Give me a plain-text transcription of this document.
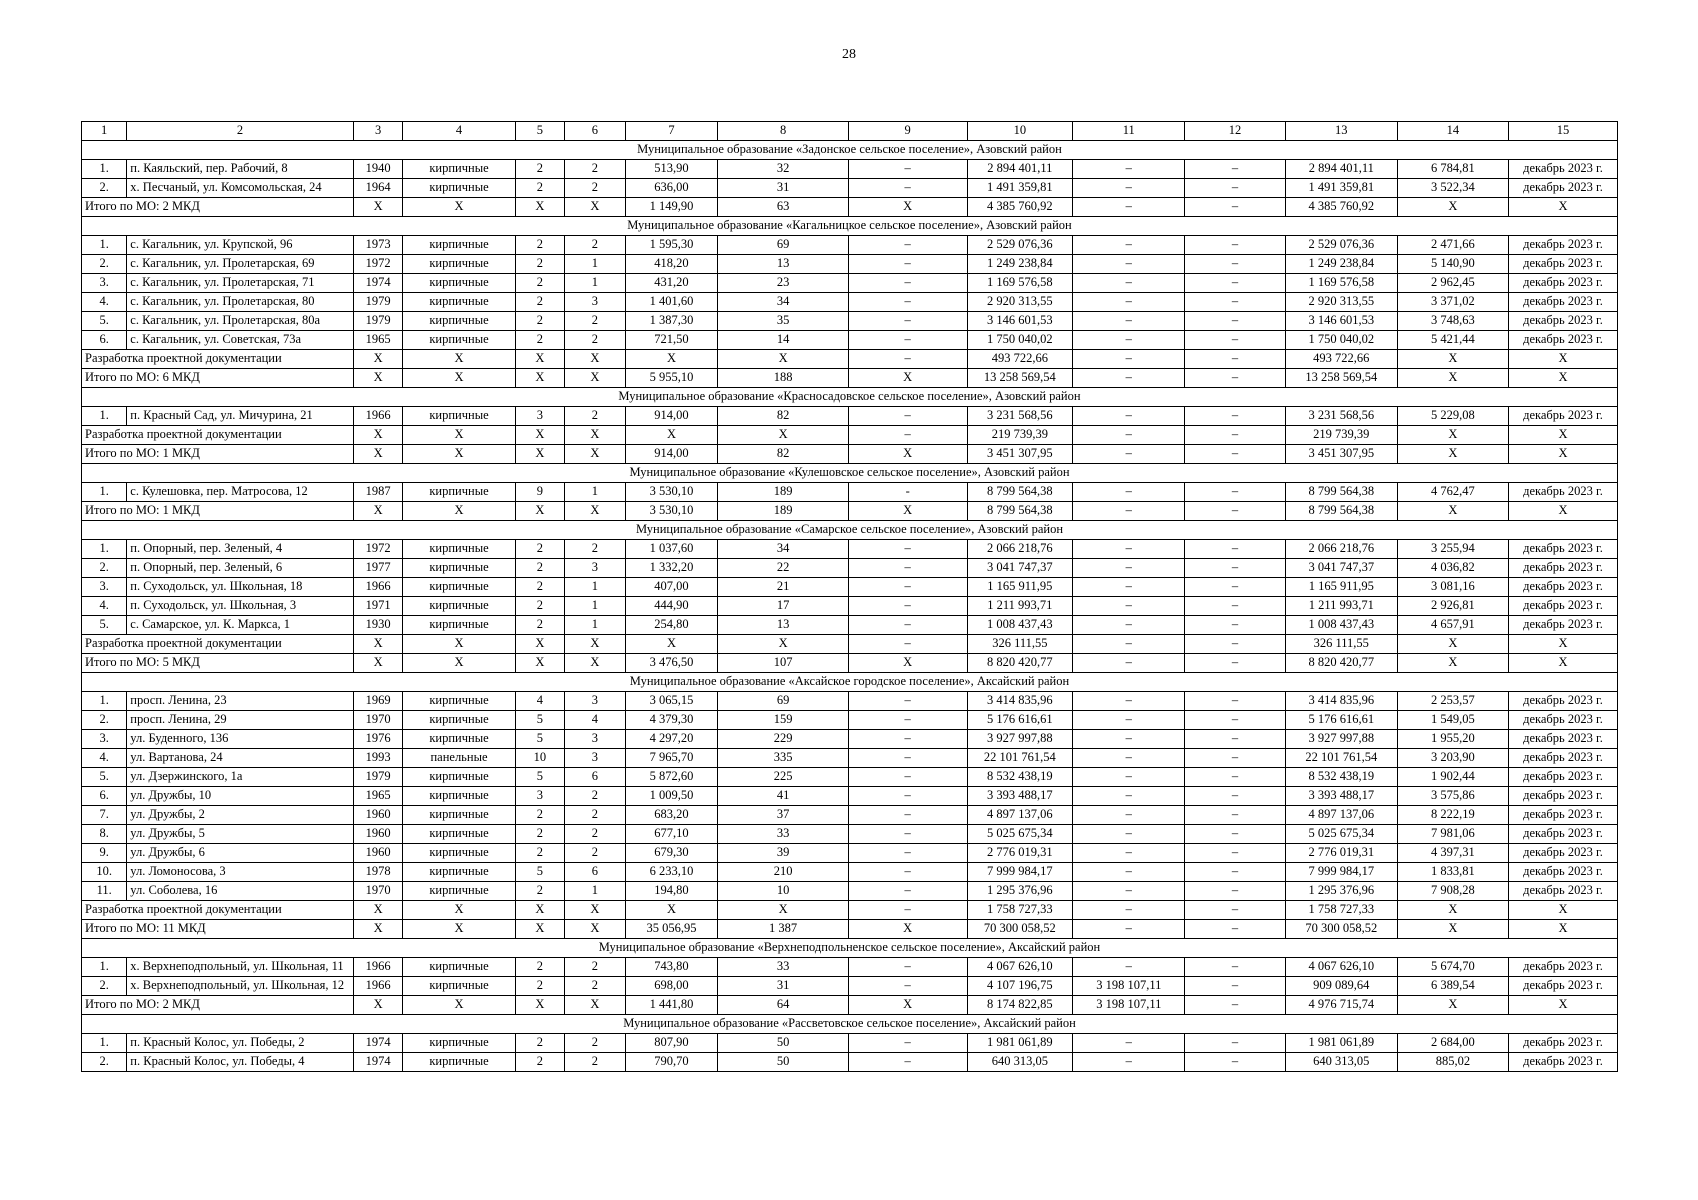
28
1	2	3	4	5	6	7	8	9	10	11	12	13	14	15
Муниципальное образование «Задонское сельское поселение», Азовский район														
1.	п. Каяльский, пер. Рабочий, 8	1940	кирпичные	2	2	513,90	32	–	2 894 401,11	–	–	2 894 401,11	6 784,81	декабрь 2023 г.
2.	х. Песчаный, ул. Комсомольская, 24	1964	кирпичные	2	2	636,00	31	–	1 491 359,81	–	–	1 491 359,81	3 522,34	декабрь 2023 г.
Итого по МО: 2 МКД		Х	Х	Х	Х	1 149,90	63	Х	4 385 760,92	–	–	4 385 760,92	Х	Х
Муниципальное образование «Кагальницкое сельское поселение», Азовский район														
1.	с. Кагальник, ул. Крупской, 96	1973	кирпичные	2	2	1 595,30	69	–	2 529 076,36	–	–	2 529 076,36	2 471,66	декабрь 2023 г.
2.	с. Кагальник, ул. Пролетарская, 69	1972	кирпичные	2	1	418,20	13	–	1 249 238,84	–	–	1 249 238,84	5 140,90	декабрь 2023 г.
3.	с. Кагальник, ул. Пролетарская, 71	1974	кирпичные	2	1	431,20	23	–	1 169 576,58	–	–	1 169 576,58	2 962,45	декабрь 2023 г.
4.	с. Кагальник, ул. Пролетарская, 80	1979	кирпичные	2	3	1 401,60	34	–	2 920 313,55	–	–	2 920 313,55	3 371,02	декабрь 2023 г.
5.	с. Кагальник, ул. Пролетарская, 80а	1979	кирпичные	2	2	1 387,30	35	–	3 146 601,53	–	–	3 146 601,53	3 748,63	декабрь 2023 г.
6.	с. Кагальник, ул. Советская, 73а	1965	кирпичные	2	2	721,50	14	–	1 750 040,02	–	–	1 750 040,02	5 421,44	декабрь 2023 г.
Разработка проектной документации		Х	Х	Х	Х	Х	Х	–	493 722,66	–	–	493 722,66	Х	Х
Итого по МО: 6 МКД		Х	Х	Х	Х	5 955,10	188	Х	13 258 569,54	–	–	13 258 569,54	Х	Х
Муниципальное образование «Красносадовское сельское поселение», Азовский район														
1.	п. Красный Сад, ул. Мичурина, 21	1966	кирпичные	3	2	914,00	82	–	3 231 568,56	–	–	3 231 568,56	5 229,08	декабрь 2023 г.
Разработка проектной документации		Х	Х	Х	Х	Х	Х	–	219 739,39	–	–	219 739,39	Х	Х
Итого по МО: 1 МКД		Х	Х	Х	Х	914,00	82	Х	3 451 307,95	–	–	3 451 307,95	Х	Х
Муниципальное образование «Кулешовское сельское поселение», Азовский район														
1.	с. Кулешовка, пер. Матросова, 12	1987	кирпичные	9	1	3 530,10	189	-	8 799 564,38	–	–	8 799 564,38	4 762,47	декабрь 2023 г.
Итого по МО: 1 МКД		Х	Х	Х	Х	3 530,10	189	Х	8 799 564,38	–	–	8 799 564,38	Х	Х
Муниципальное образование «Самарское сельское поселение», Азовский район														
1.	п. Опорный, пер. Зеленый, 4	1972	кирпичные	2	2	1 037,60	34	–	2 066 218,76	–	–	2 066 218,76	3 255,94	декабрь 2023 г.
2.	п. Опорный, пер. Зеленый, 6	1977	кирпичные	2	3	1 332,20	22	–	3 041 747,37	–	–	3 041 747,37	4 036,82	декабрь 2023 г.
3.	п. Суходольск, ул. Школьная, 18	1966	кирпичные	2	1	407,00	21	–	1 165 911,95	–	–	1 165 911,95	3 081,16	декабрь 2023 г.
4.	п. Суходольск, ул. Школьная, 3	1971	кирпичные	2	1	444,90	17	–	1 211 993,71	–	–	1 211 993,71	2 926,81	декабрь 2023 г.
5.	с. Самарское, ул. К. Маркса, 1	1930	кирпичные	2	1	254,80	13	–	1 008 437,43	–	–	1 008 437,43	4 657,91	декабрь 2023 г.
Разработка проектной документации		Х	Х	Х	Х	Х	Х	–	326 111,55	–	–	326 111,55	Х	Х
Итого по МО: 5 МКД		Х	Х	Х	Х	3 476,50	107	Х	8 820 420,77	–	–	8 820 420,77	Х	Х
Муниципальное образование «Аксайское городское поселение», Аксайский район														
1.	просп. Ленина, 23	1969	кирпичные	4	3	3 065,15	69	–	3 414 835,96	–	–	3 414 835,96	2 253,57	декабрь 2023 г.
2.	просп. Ленина, 29	1970	кирпичные	5	4	4 379,30	159	–	5 176 616,61	–	–	5 176 616,61	1 549,05	декабрь 2023 г.
3.	ул. Буденного, 136	1976	кирпичные	5	3	4 297,20	229	–	3 927 997,88	–	–	3 927 997,88	1 955,20	декабрь 2023 г.
4.	ул. Вартанова, 24	1993	панельные	10	3	7 965,70	335	–	22 101 761,54	–	–	22 101 761,54	3 203,90	декабрь 2023 г.
5.	ул. Дзержинского, 1а	1979	кирпичные	5	6	5 872,60	225	–	8 532 438,19	–	–	8 532 438,19	1 902,44	декабрь 2023 г.
6.	ул. Дружбы, 10	1965	кирпичные	3	2	1 009,50	41	–	3 393 488,17	–	–	3 393 488,17	3 575,86	декабрь 2023 г.
7.	ул. Дружбы, 2	1960	кирпичные	2	2	683,20	37	–	4 897 137,06	–	–	4 897 137,06	8 222,19	декабрь 2023 г.
8.	ул. Дружбы, 5	1960	кирпичные	2	2	677,10	33	–	5 025 675,34	–	–	5 025 675,34	7 981,06	декабрь 2023 г.
9.	ул. Дружбы, 6	1960	кирпичные	2	2	679,30	39	–	2 776 019,31	–	–	2 776 019,31	4 397,31	декабрь 2023 г.
10.	ул. Ломоносова, 3	1978	кирпичные	5	6	6 233,10	210	–	7 999 984,17	–	–	7 999 984,17	1 833,81	декабрь 2023 г.
11.	ул. Соболева, 16	1970	кирпичные	2	1	194,80	10	–	1 295 376,96	–	–	1 295 376,96	7 908,28	декабрь 2023 г.
Разработка проектной документации		Х	Х	Х	Х	Х	Х	–	1 758 727,33	–	–	1 758 727,33	Х	Х
Итого по МО: 11 МКД		Х	Х	Х	Х	35 056,95	1 387	Х	70 300 058,52	–	–	70 300 058,52	Х	Х
Муниципальное образование «Верхнеподпольненское сельское поселение», Аксайский район														
1.	х. Верхнеподпольный, ул. Школьная, 11	1966	кирпичные	2	2	743,80	33	–	4 067 626,10	–	–	4 067 626,10	5 674,70	декабрь 2023 г.
2.	х. Верхнеподпольный, ул. Школьная, 12	1966	кирпичные	2	2	698,00	31	–	4 107 196,75	3 198 107,11	–	909 089,64	6 389,54	декабрь 2023 г.
Итого по МО: 2 МКД		Х	Х	Х	Х	1 441,80	64	Х	8 174 822,85	3 198 107,11	–	4 976 715,74	Х	Х
Муниципальное образование «Рассветовское сельское поселение», Аксайский район														
1.	п. Красный Колос, ул. Победы, 2	1974	кирпичные	2	2	807,90	50	–	1 981 061,89	–	–	1 981 061,89	2 684,00	декабрь 2023 г.
2.	п. Красный Колос, ул. Победы, 4	1974	кирпичные	2	2	790,70	50	–	640 313,05	–	–	640 313,05	885,02	декабрь 2023 г.
